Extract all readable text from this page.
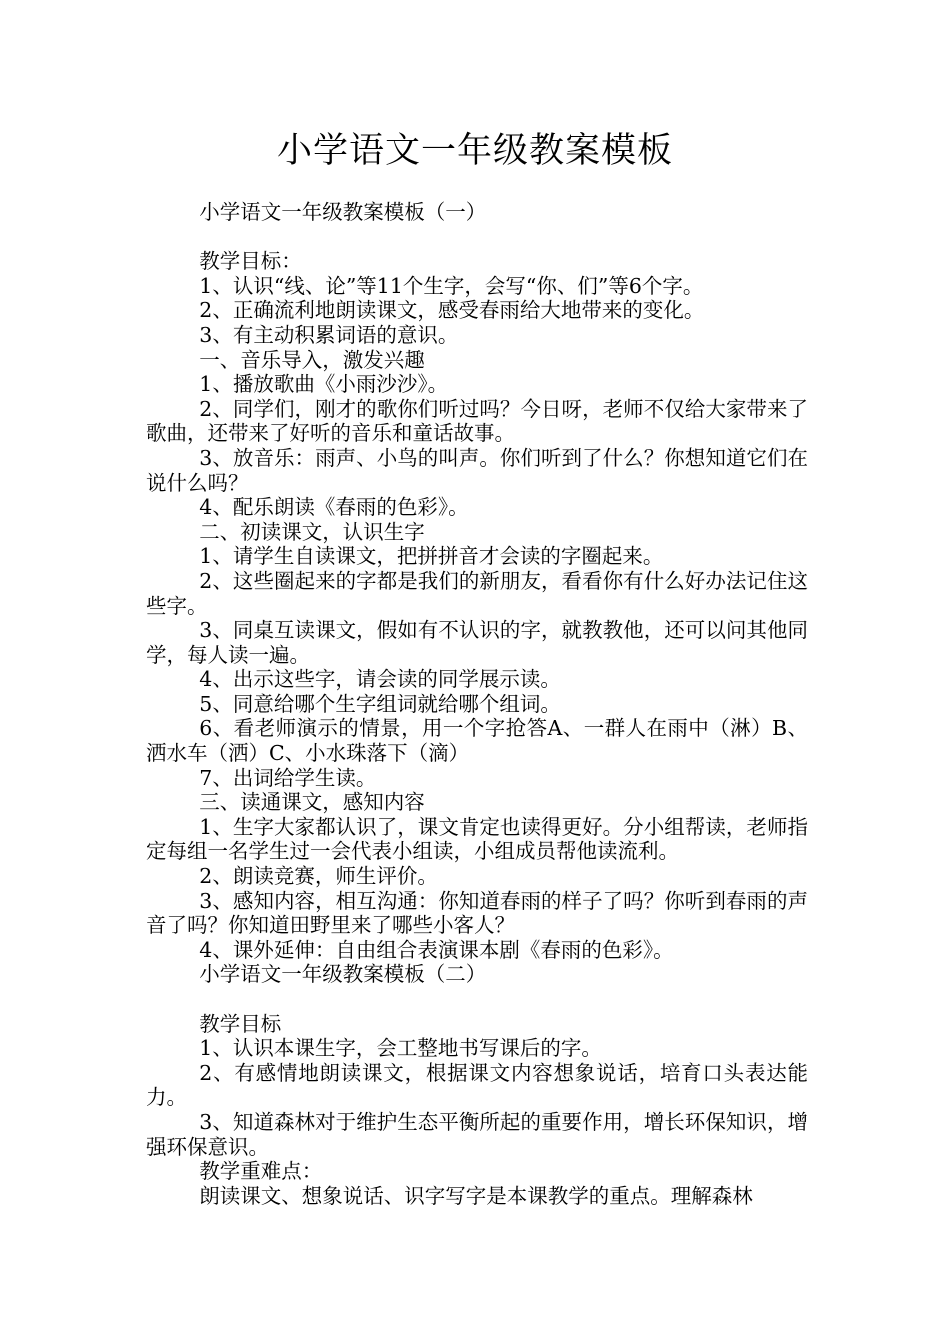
小学语文一年级教案模板

小学语文一年级教案模板（一）

教学目标：

1、认识“线、论”等11个生字，会写“你、们”等6个字。

2、正确流利地朗读课文，感受春雨给大地带来的变化。

3、有主动积累词语的意识。

一、音乐导入，激发兴趣

1、播放歌曲《小雨沙沙》。

2、同学们，刚才的歌你们听过吗？今日呀，老师不仅给大家带来了歌曲，还带来了好听的音乐和童话故事。

3、放音乐：雨声、小鸟的叫声。你们听到了什么？你想知道它们在说什么吗？

4、配乐朗读《春雨的色彩》。

二、初读课文，认识生字

1、请学生自读课文，把拼拼音才会读的字圈起来。

2、这些圈起来的字都是我们的新朋友，看看你有什么好办法记住这些字。

3、同桌互读课文，假如有不认识的字，就教教他，还可以问其他同学，每人读一遍。

4、出示这些字，请会读的同学展示读。

5、同意给哪个生字组词就给哪个组词。

6、看老师演示的情景，用一个字抢答A、一群人在雨中（淋）B、洒水车（洒）C、小水珠落下（滴）

7、出词给学生读。

三、读通课文，感知内容

1、生字大家都认识了，课文肯定也读得更好。分小组帮读，老师指定每组一名学生过一会代表小组读，小组成员帮他读流利。

2、朗读竞赛，师生评价。

3、感知内容，相互沟通：你知道春雨的样子了吗？你听到春雨的声音了吗？你知道田野里来了哪些小客人？

4、课外延伸：自由组合表演课本剧《春雨的色彩》。

小学语文一年级教案模板（二）

教学目标

1、认识本课生字，会工整地书写课后的字。

2、有感情地朗读课文，根据课文内容想象说话，培育口头表达能力。

3、知道森林对于维护生态平衡所起的重要作用，增长环保知识，增强环保意识。

教学重难点：

朗读课文、想象说话、识字写字是本课教学的重点。理解森林
